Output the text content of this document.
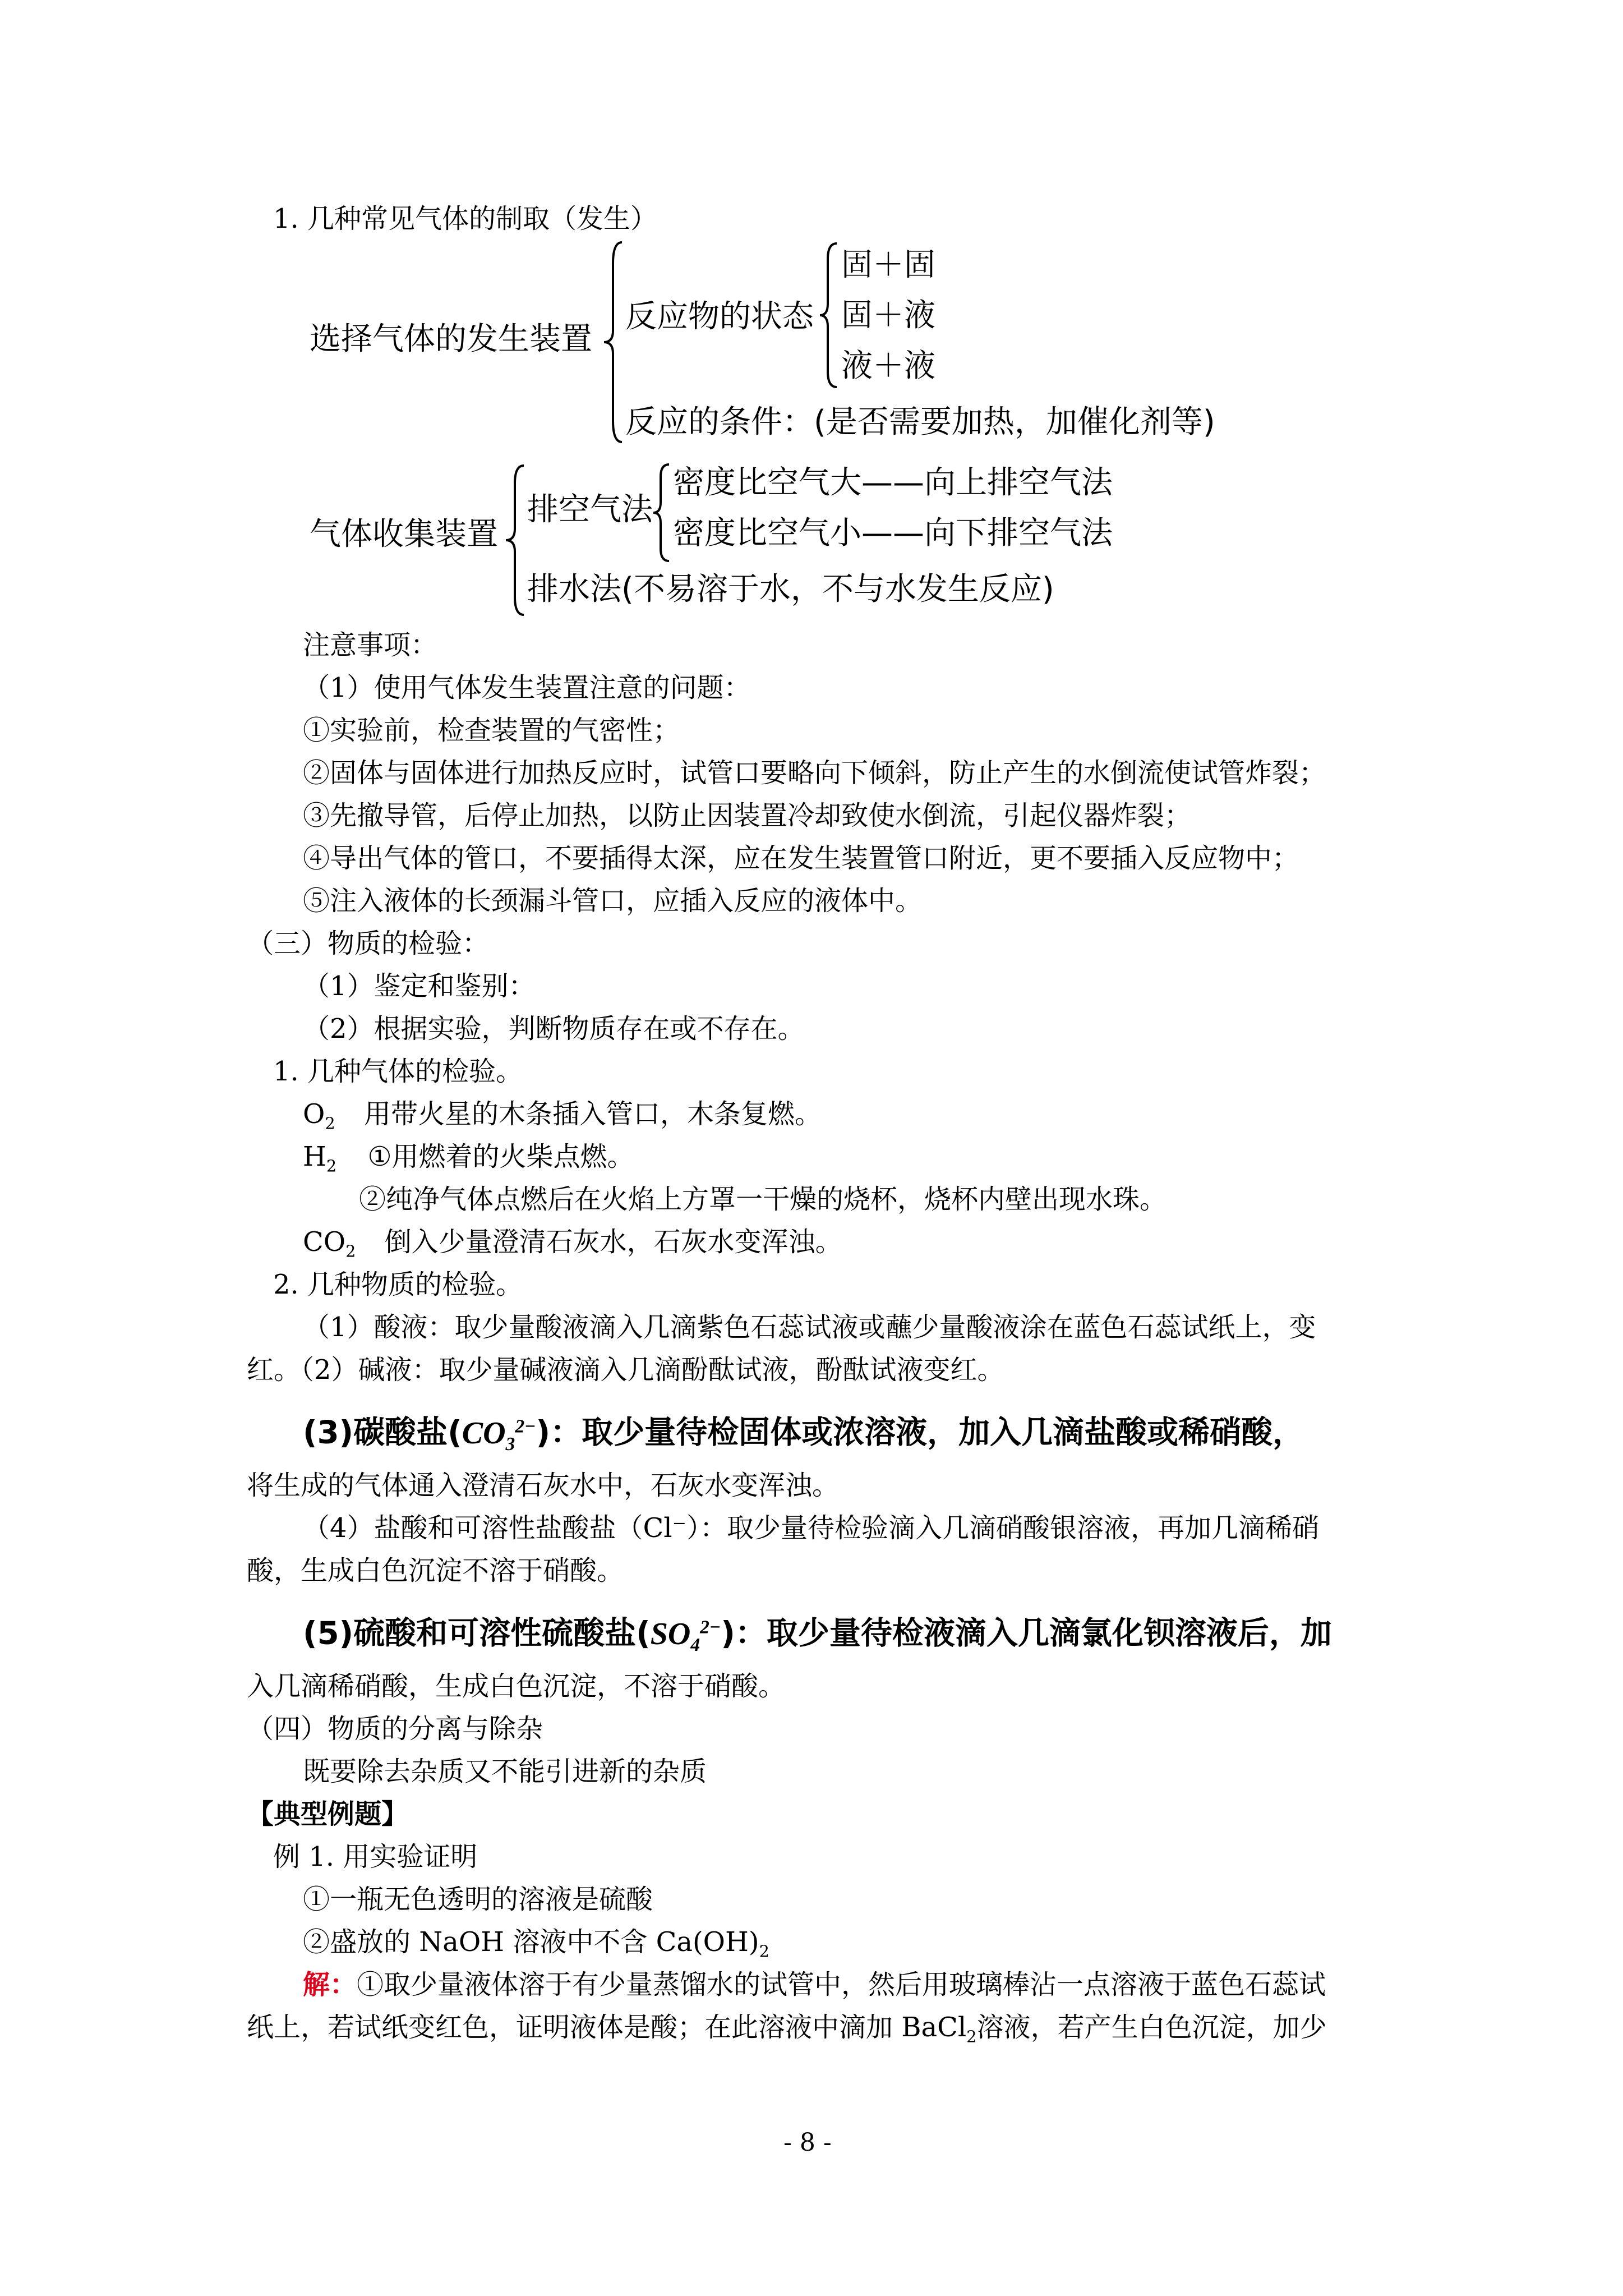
1. 几种常见气体的制取（发生）
选择气体的发生装置
反应物的状态
固＋固
固＋液
液＋液
反应的条件：(是否需要加热，加催化剂等)
气体收集装置
排空气法
密度比空气大——向上排空气法
密度比空气小——向下排空气法
排水法(不易溶于水，不与水发生反应)
注意事项：
（1）使用气体发生装置注意的问题：
①实验前，检查装置的气密性；
②固体与固体进行加热反应时，试管口要略向下倾斜，防止产生的水倒流使试管炸裂；
③先撤导管，后停止加热，以防止因装置冷却致使水倒流，引起仪器炸裂；
④导出气体的管口，不要插得太深，应在发生装置管口附近，更不要插入反应物中；
⑤注入液体的长颈漏斗管口，应插入反应的液体中。
（三）物质的检验：
（1）鉴定和鉴别：
（2）根据实验，判断物质存在或不存在。
1. 几种气体的检验。
$O_2$ 用带火星的木条插入管口，木条复燃。
$H_2$ ①用燃着的火柴点燃。
②纯净气体点燃后在火焰上方罩一干燥的烧杯，烧杯内壁出现水珠。
$CO_2$ 倒入少量澄清石灰水，石灰水变浑浊。
2. 几种物质的检验。
（1）酸液：取少量酸液滴入几滴紫色石蕊试液或蘸少量酸液涂在蓝色石蕊试纸上，变
红。（2）碱液：取少量碱液滴入几滴酚酞试液，酚酞试液变红。
(3)碳酸盐$(CO_3^{2-})$：取少量待检固体或浓溶液，加入几滴盐酸或稀硝酸，
将生成的气体通入澄清石灰水中，石灰水变浑浊。
（4）盐酸和可溶性盐酸盐（Cl⁻）：取少量待检验滴入几滴硝酸银溶液，再加几滴稀硝
酸，生成白色沉淀不溶于硝酸。
(5)硫酸和可溶性硫酸盐$(SO_4^{2-})$：取少量待检液滴入几滴氯化钡溶液后，加
入几滴稀硝酸，生成白色沉淀，不溶于硝酸。
（四）物质的分离与除杂
既要除去杂质又不能引进新的杂质
【典型例题】
例 1. 用实验证明
①一瓶无色透明的溶液是硫酸
②盛放的 NaOH 溶液中不含 $Ca(OH)_2$
解：①取少量液体溶于有少量蒸馏水的试管中，然后用玻璃棒沾一点溶液于蓝色石蕊试
纸上，若试纸变红色，证明液体是酸；在此溶液中滴加 BaCl$_2$溶液，若产生白色沉淀，加少
- 8 -
